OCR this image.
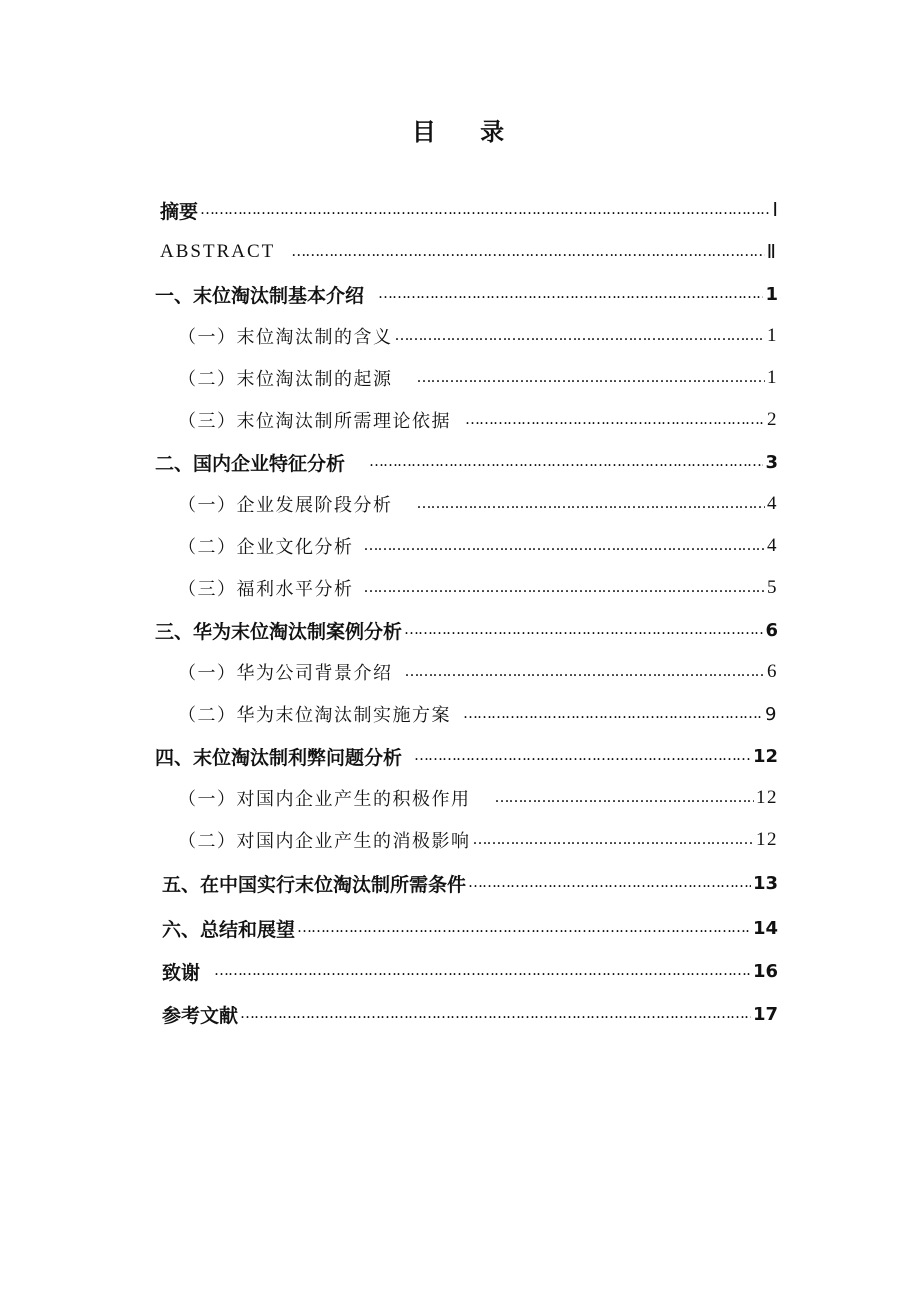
目 录
摘要 ……………………………………………………………………………………………………………………………………………………………………………………	Ⅰ
ABSTRACT ……………………………………………………………………………………………………………………………………………………………………………………	Ⅱ
一、末位淘汰制基本介绍 ……………………………………………………………………………………………………………………………………………………………………………………	1
（一）末位淘汰制的含义 ……………………………………………………………………………………………………………………………………………………………………………………	1
（二）末位淘汰制的起源 ……………………………………………………………………………………………………………………………………………………………………………………	1
（三）末位淘汰制所需理论依据 ……………………………………………………………………………………………………………………………………………………………………………………	2
二、国内企业特征分析 ……………………………………………………………………………………………………………………………………………………………………………………	3
（一）企业发展阶段分析 ……………………………………………………………………………………………………………………………………………………………………………………	4
（二）企业文化分析 ……………………………………………………………………………………………………………………………………………………………………………………	4
（三）福利水平分析 ……………………………………………………………………………………………………………………………………………………………………………………	5
三、华为末位淘汰制案例分析 ……………………………………………………………………………………………………………………………………………………………………………………	6
（一）华为公司背景介绍 ……………………………………………………………………………………………………………………………………………………………………………………	6
（二）华为末位淘汰制实施方案 ……………………………………………………………………………………………………………………………………………………………………………………	9
四、末位淘汰制利弊问题分析 ……………………………………………………………………………………………………………………………………………………………………………………	12
（一）对国内企业产生的积极作用 ……………………………………………………………………………………………………………………………………………………………………………………	12
（二）对国内企业产生的消极影响 ……………………………………………………………………………………………………………………………………………………………………………………	12
五、在中国实行末位淘汰制所需条件 ……………………………………………………………………………………………………………………………………………………………………………………	13
六、总结和展望 ……………………………………………………………………………………………………………………………………………………………………………………	14
致谢 ……………………………………………………………………………………………………………………………………………………………………………………	16
参考文献 ……………………………………………………………………………………………………………………………………………………………………………………	17
